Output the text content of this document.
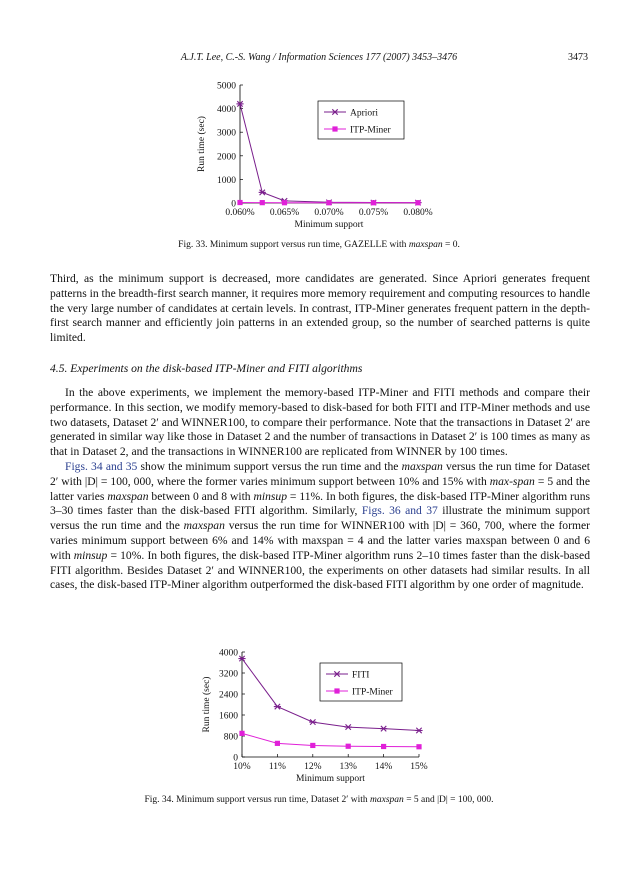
A.J.T. Lee, C.-S. Wang / Information Sciences 177 (2007) 3453–3476	3473
0
1000
2000
3000
4000
5000
0.060% 0.065% 0.070% 0.075% 0.080%
Minimum support
Run time (sec)
Apriori
ITP-Miner
Fig. 33. Minimum support versus run time, GAZELLE with maxspan = 0.

Third, as the minimum support is decreased, more candidates are generated. Since Apriori generates frequent patterns in the breadth-first search manner, it requires more memory requirement and computing resources to handle the very large number of candidates at certain levels. In contrast, ITP-Miner generates frequent pattern in the depth-first search manner and efficiently join patterns in an extended group, so the number of searched patterns is quite limited.

4.5. Experiments on the disk-based ITP-Miner and FITI algorithms

In the above experiments, we implement the memory-based ITP-Miner and FITI methods and compare their performance. In this section, we modify memory-based to disk-based for both FITI and ITP-Miner methods and use two datasets, Dataset 2′ and WINNER100, to compare their performance. Note that the transactions in Dataset 2′ are generated in similar way like those in Dataset 2 and the number of transactions in Dataset 2′ is 100 times as many as that in Dataset 2, and the transactions in WINNER100 are replicated from WINNER by 100 times.

Figs. 34 and 35 show the minimum support versus the run time and the maxspan versus the run time for Dataset 2′ with |D| = 100, 000, where the former varies minimum support between 10% and 15% with max-span = 5 and the latter varies maxspan between 0 and 8 with minsup = 11%. In both figures, the disk-based ITP-Miner algorithm runs 3–30 times faster than the disk-based FITI algorithm. Similarly, Figs. 36 and 37 illustrate the minimum support versus the run time and the maxspan versus the run time for WINNER100 with |D| = 360, 700, where the former varies minimum support between 6% and 14% with maxspan = 4 and the latter varies maxspan between 0 and 6 with minsup = 10%. In both figures, the disk-based ITP-Miner algorithm runs 2–10 times faster than the disk-based FITI algorithm. Besides Dataset 2′ and WINNER100, the experiments on other datasets had similar results. In all cases, the disk-based ITP-Miner algorithm outperformed the disk-based FITI algorithm by one order of magnitude.

0
800
1600
2400
3200
4000
10% 11% 12% 13% 14% 15%
Minimum support
Run time (sec)
FITI
ITP-Miner
Fig. 34. Minimum support versus run time, Dataset 2′ with maxspan = 5 and |D| = 100, 000.
